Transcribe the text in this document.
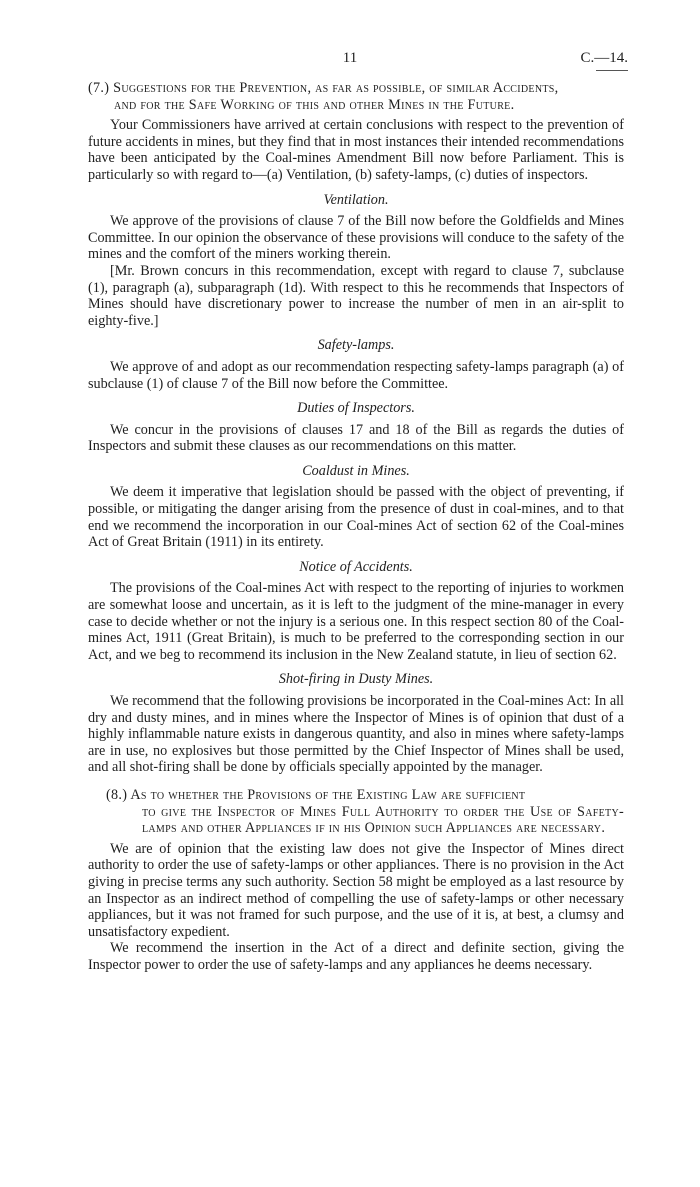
11	C.—14.
(7.) Suggestions for the Prevention, as far as possible, of similar Accidents,
and for the Safe Working of this and other Mines in the Future.

Your Commissioners have arrived at certain conclusions with respect to the prevention of future accidents in mines, but they find that in most instances their intended recommendations have been anticipated by the Coal-mines Amendment Bill now before Parliament. This is particularly so with regard to—(a) Ventilation, (b) safety-lamps, (c) duties of inspectors.

Ventilation.

We approve of the provisions of clause 7 of the Bill now before the Goldfields and Mines Committee. In our opinion the observance of these provisions will conduce to the safety of the mines and the comfort of the miners working therein.

[Mr. Brown concurs in this recommendation, except with regard to clause 7, subclause (1), paragraph (a), subparagraph (1d). With respect to this he recommends that Inspectors of Mines should have discretionary power to increase the number of men in an air-split to eighty-five.]

Safety-lamps.

We approve of and adopt as our recommendation respecting safety-lamps paragraph (a) of subclause (1) of clause 7 of the Bill now before the Committee.

Duties of Inspectors.

We concur in the provisions of clauses 17 and 18 of the Bill as regards the duties of Inspectors and submit these clauses as our recommendations on this matter.

Coaldust in Mines.

We deem it imperative that legislation should be passed with the object of preventing, if possible, or mitigating the danger arising from the presence of dust in coal-mines, and to that end we recommend the incorporation in our Coal-mines Act of section 62 of the Coal-mines Act of Great Britain (1911) in its entirety.

Notice of Accidents.

The provisions of the Coal-mines Act with respect to the reporting of injuries to workmen are somewhat loose and uncertain, as it is left to the judgment of the mine-manager in every case to decide whether or not the injury is a serious one. In this respect section 80 of the Coal-mines Act, 1911 (Great Britain), is much to be preferred to the corresponding section in our Act, and we beg to recommend its inclusion in the New Zealand statute, in lieu of section 62.

Shot-firing in Dusty Mines.

We recommend that the following provisions be incorporated in the Coal-mines Act: In all dry and dusty mines, and in mines where the Inspector of Mines is of opinion that dust of a highly inflammable nature exists in dangerous quantity, and also in mines where safety-lamps are in use, no explosives but those permitted by the Chief Inspector of Mines shall be used, and all shot-firing shall be done by officials specially appointed by the manager.

(8.) As to whether the Provisions of the Existing Law are sufficient
to give the Inspector of Mines Full Authority to order the Use of Safety-lamps and other Appliances if in his Opinion such Appliances are necessary.

We are of opinion that the existing law does not give the Inspector of Mines direct authority to order the use of safety-lamps or other appliances. There is no provision in the Act giving in precise terms any such authority. Section 58 might be employed as a last resource by an Inspector as an indirect method of compelling the use of safety-lamps or other necessary appliances, but it was not framed for such purpose, and the use of it is, at best, a clumsy and unsatisfactory expedient.

We recommend the insertion in the Act of a direct and definite section, giving the Inspector power to order the use of safety-lamps and any appliances he deems necessary.
